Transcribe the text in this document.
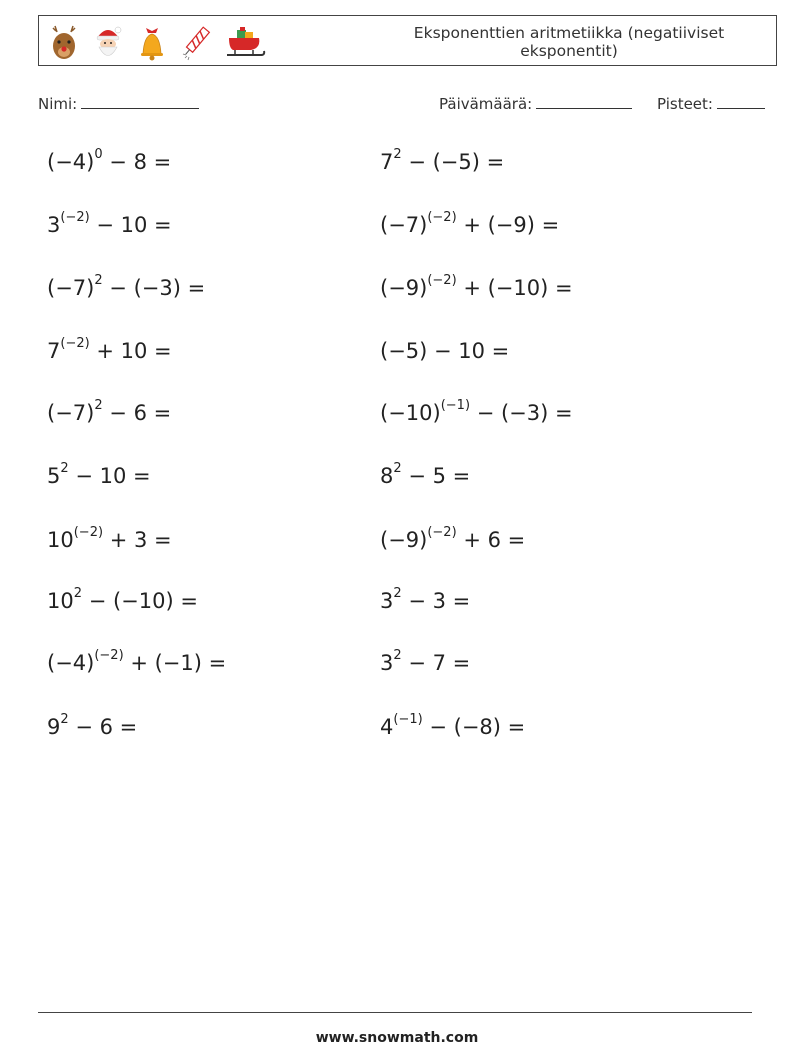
Eksponenttien aritmetiikka (negatiiviset eksponentit)
Nimi:	Päivämäärä:	Pisteet:
$(-4)^0 - 8$ =
$3^{(-2)} - 10$ =
$(-7)^2 - (-3)$ =
$7^{(-2)} + 10$ =
$(-7)^2 - 6$ =
$5^2 - 10$ =
$10^{(-2)} + 3$ =
$10^2 - (-10)$ =
$(-4)^{(-2)} + (-1)$ =
$9^2 - 6$ =
$7^2 - (-5)$ =
$(-7)^{(-2)} + (-9)$ =
$(-9)^{(-2)} + (-10)$ =
(−5) − 10 =
$(-10)^{(-1)} - (-3)$ =
$8^2 - 5$ =
$(-9)^{(-2)} + 6$ =
$3^2 - 3$ =
$3^2 - 7$ =
$4^{(-1)} - (-8)$ =
www.snowmath.com
